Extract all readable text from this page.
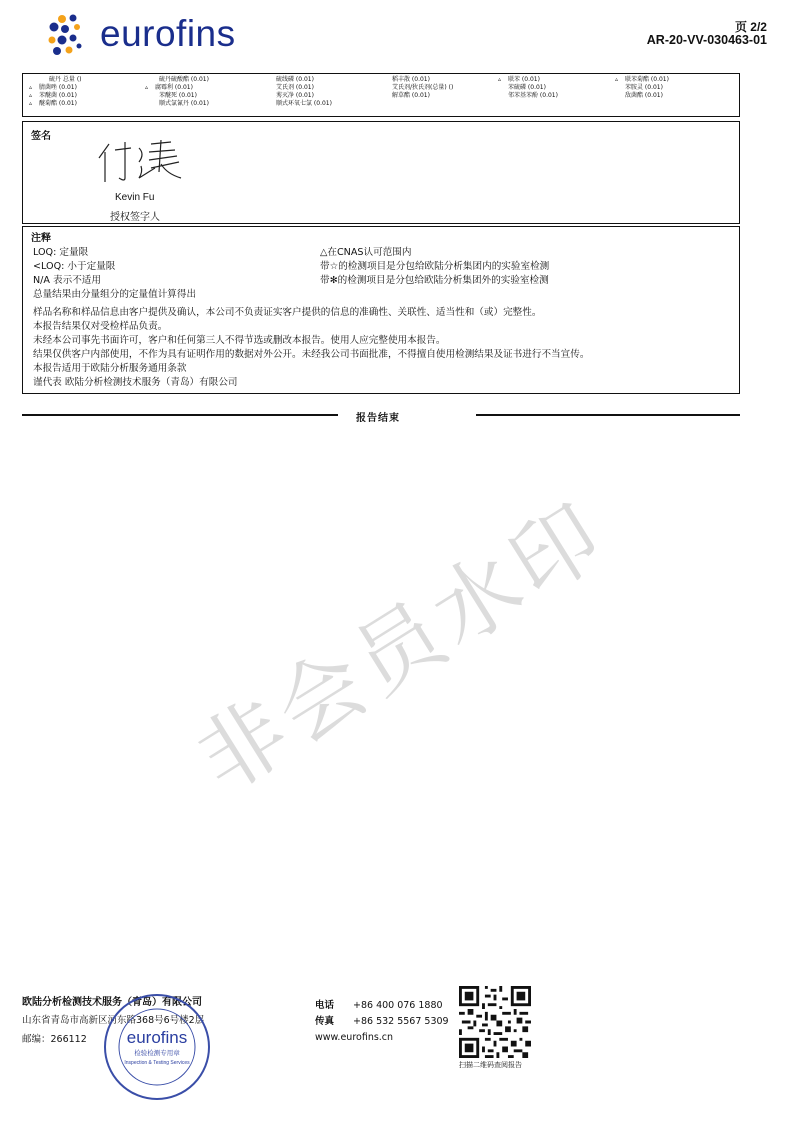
eurofins	页 2/2
AR-20-VV-030463-01
硫丹 总量 ()	硫丹硫酸酯 (0.01)	硫线磷 (0.01)	稻丰散 (0.01)	▵ 联苯 (0.01)	▵ 联苯菊酯 (0.01)
▵ 腈菌唑 (0.01)	▵ 腐霉利 (0.01)	艾氏剂 (0.01)	艾氏剂/狄氏剂(总量) ()	苯硫磷 (0.01)	苯胺灵 (0.01)
▵ 苯醚菌 (0.01)	苯醚死 (0.01)	莠灭净 (0.01)	解草酯 (0.01)	邻苯基苯酚 (0.01)	敌菌酯 (0.01)
▵ 醚菊酯 (0.01)	顺式氯氰丹 (0.01)	顺式环氧七氯 (0.01)
签名
Kevin Fu
授权签字人
注释
LOQ: 定量限
<LOQ: 小于定量限
N/A 表示不适用
总量结果由分量组分的定量值计算得出
△在CNAS认可范围内
带☆的检测项目是分包给欧陆分析集团内的实验室检测
带✻的检测项目是分包给欧陆分析集团外的实验室检测
样品名称和样品信息由客户提供及确认，本公司不负责证实客户提供的信息的准确性、关联性、适当性和（或）完整性。
本报告结果仅对受检样品负责。
未经本公司事先书面许可，客户和任何第三人不得节选或删改本报告。使用人应完整使用本报告。
结果仅供客户内部使用，不作为具有证明作用的数据对外公开。未经我公司书面批准，不得擅自使用检测结果及证书进行不当宣传。
本报告适用于欧陆分析服务通用条款
谨代表 欧陆分析检测技术服务（青岛）有限公司
报告结束
非会员水印
欧陆分析检测技术服务（青岛）有限公司
山东省青岛市高新区河东路368号6号楼2层
邮编：266112
电话 +86 400 076 1880
传真 +86 532 5567 5309
www.eurofins.cn
eurofins
检验检测专用章
Inspection & Testing Services	扫描二维码查阅报告
